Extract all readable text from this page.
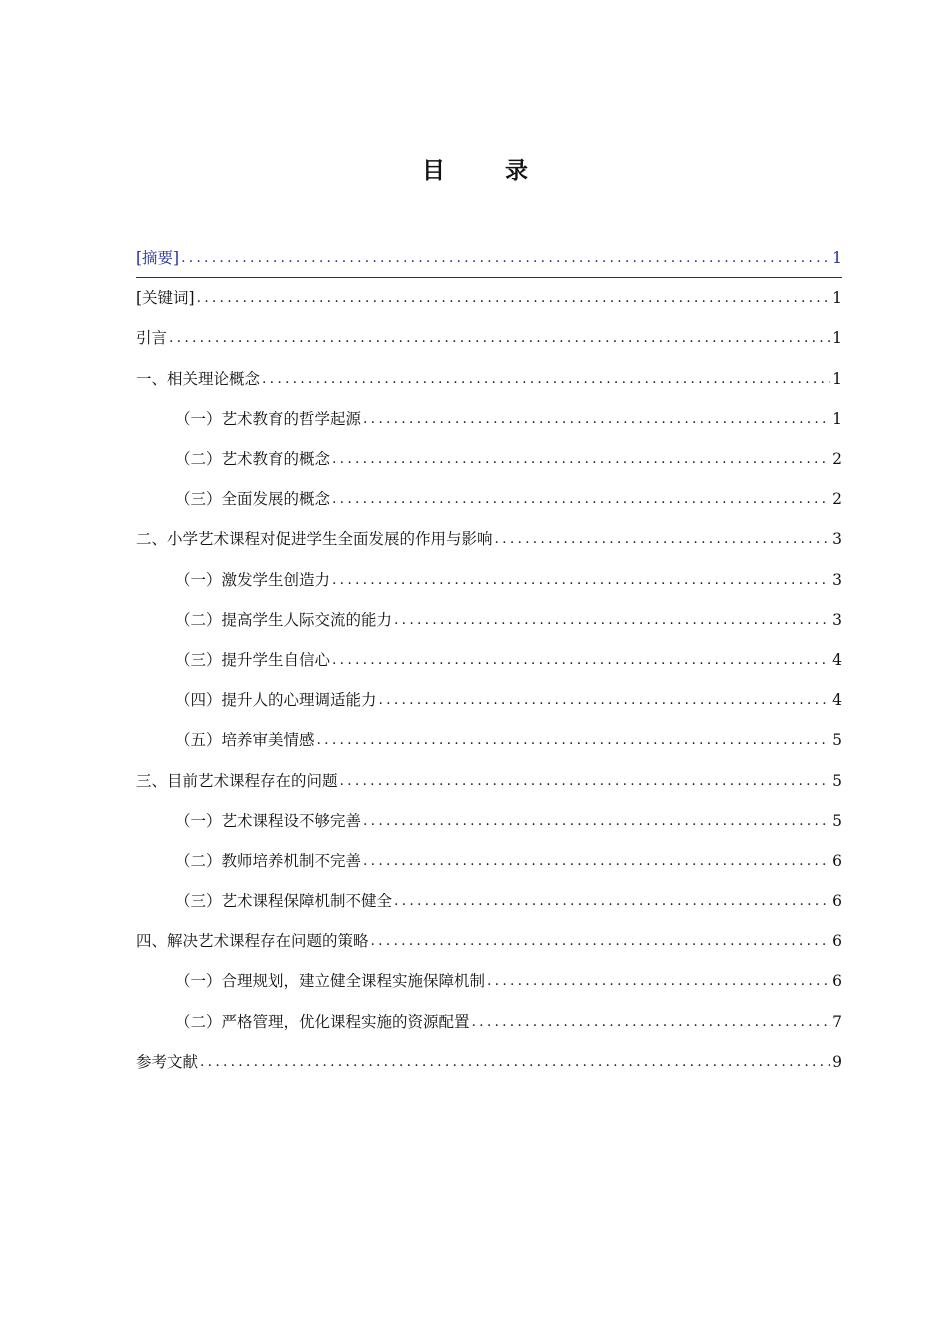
目 录
[摘要] .....	1
[关键词] .....	1
引言 .....	1
一、相关理论概念 .....	1
（一）艺术教育的哲学起源 .....	1
（二）艺术教育的概念 .....	2
（三）全面发展的概念 .....	2
二、小学艺术课程对促进学生全面发展的作用与影响 .....	3
（一）激发学生创造力 .....	3
（二）提高学生人际交流的能力 .....	3
（三）提升学生自信心 .....	4
（四）提升人的心理调适能力 .....	4
（五）培养审美情感 .....	5
三、目前艺术课程存在的问题 .....	5
（一）艺术课程设不够完善 .....	5
（二）教师培养机制不完善 .....	6
（三）艺术课程保障机制不健全 .....	6
四、解决艺术课程存在问题的策略 .....	6
（一）合理规划，建立健全课程实施保障机制 .....	6
（二）严格管理，优化课程实施的资源配置 .....	7
参考文献 .....	9
